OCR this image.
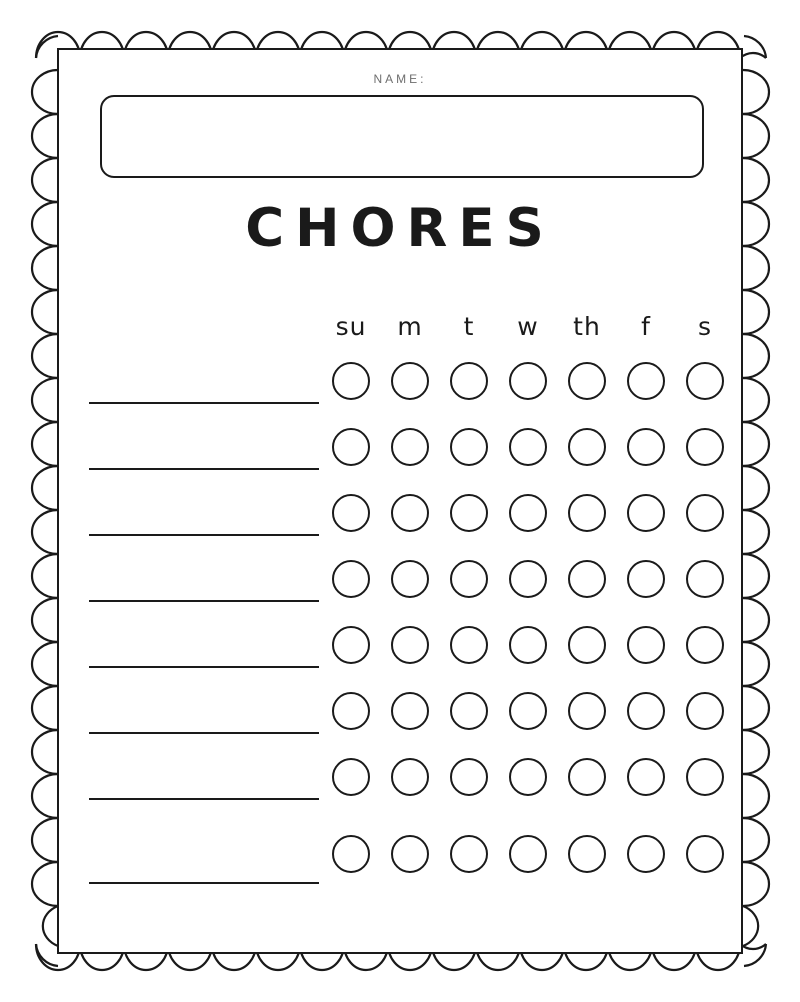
NAME:
CHORES
su	m	t	w	th	f	s
